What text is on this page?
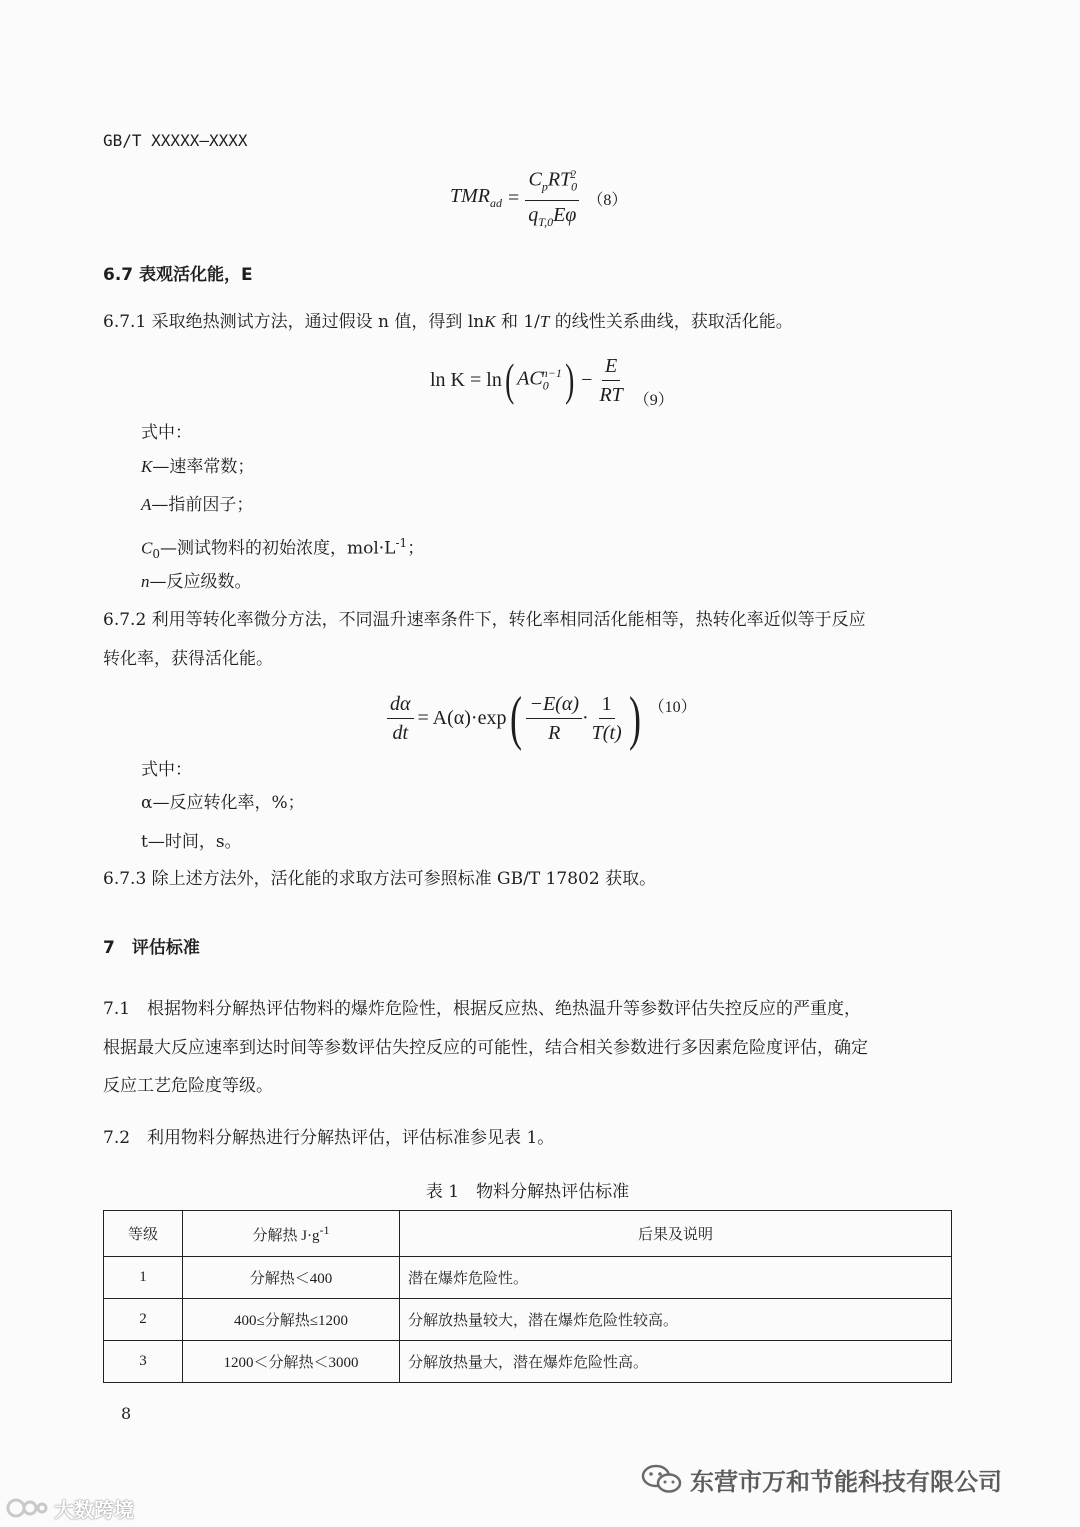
GB/T XXXXX—XXXX
$TMR_{ad} = \frac{C_pRT_0^2}{q_{T,0}E\varphi} (8)$
6.7 表观活化能，E
6.7.1 采取绝热测试方法，通过假设 n 值，得到 lnK 和 1/T 的线性关系曲线，获取活化能。
ln K = ln ( $AC_0^{n-1}$ ) − $\frac{E}{RT} (9)$
式中：
K—速率常数；
A—指前因子；
$C_0—$测试物料的初始浓度，$mol\cdot L^{-1}$；
n—反应级数。
6.7.2 利用等转化率微分方法，不同温升速率条件下，转化率相同活化能相等，热转化率近似等于反应
转化率，获得活化能。
$\frac{d\alpha}{dt} = A(\alpha)\cdot\exp$ ( $\frac{-E(\alpha)}{R} \cdot \frac{1}{T(t)}$ ) （10）
式中：
α—反应转化率，%；
t—时间，s。
6.7.3 除上述方法外，活化能的求取方法可参照标准 GB/T 17802 获取。
7　评估标准
7.1　根据物料分解热评估物料的爆炸危险性，根据反应热、绝热温升等参数评估失控反应的严重度，
根据最大反应速率到达时间等参数评估失控反应的可能性，结合相关参数进行多因素危险度评估，确定
反应工艺危险度等级。
7.2　利用物料分解热进行分解热评估，评估标准参见表 1。
表 1　物料分解热评估标准
等级	分解热 $J\cdot g^{-1}$	后果及说明
1	分解热＜400	潜在爆炸危险性。
2	400≤分解热≤1200	分解放热量较大，潜在爆炸危险性较高。
3	1200＜分解热＜3000	分解放热量大，潜在爆炸危险性高。
8
东营市万和节能科技有限公司
大数跨境
